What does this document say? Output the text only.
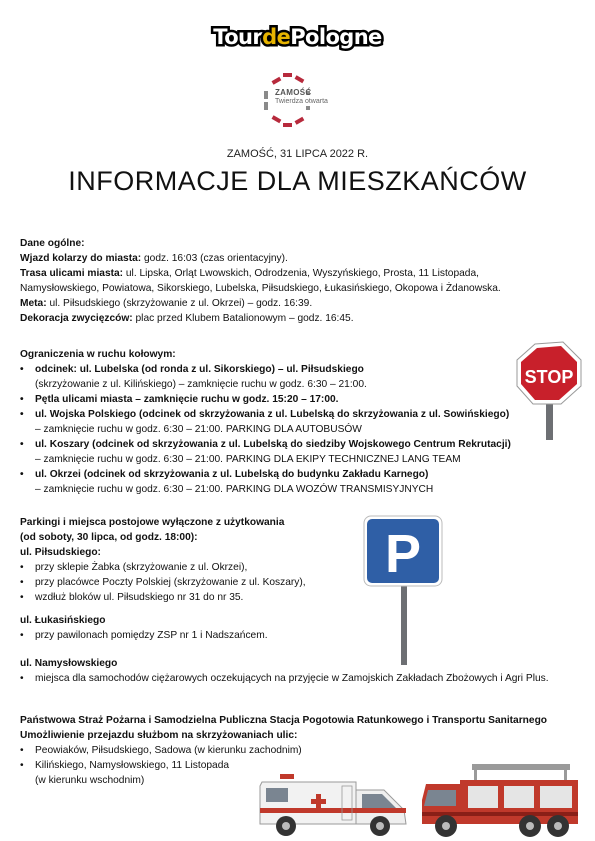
Tour de Pologne
ZAMOŚĆ
Twierdza otwarta
ZAMOŚĆ, 31 LIPCA 2022 R.
INFORMACJE DLA MIESZKAŃCÓW
Dane ogólne:
Wjazd kolarzy do miasta: godz. 16:03 (czas orientacyjny).
Trasa ulicami miasta: ul. Lipska, Orląt Lwowskich, Odrodzenia, Wyszyńskiego, Prosta, 11 Listopada,
Namysłowskiego, Powiatowa, Sikorskiego, Lubelska, Piłsudskiego, Łukasińskiego, Okopowa i Żdanowska.
Meta: ul. Piłsudskiego (skrzyżowanie z ul. Okrzei) – godz. 16:39.
Dekoracja zwycięzców: plac przed Klubem Batalionowym – godz. 16:45.
Ograniczenia w ruchu kołowym:
• odcinek: ul. Lubelska (od ronda z ul. Sikorskiego) – ul. Piłsudskiego
(skrzyżowanie z ul. Kilińskiego) – zamknięcie ruchu w godz. 6:30 – 21:00.
• Pętla ulicami miasta – zamknięcie ruchu w godz. 15:20 – 17:00.
• ul. Wojska Polskiego (odcinek od skrzyżowania z ul. Lubelską do skrzyżowania z ul. Sowińskiego)
– zamknięcie ruchu w godz. 6:30 – 21:00. PARKING DLA AUTOBUSÓW
• ul. Koszary (odcinek od skrzyżowania z ul. Lubelską do siedziby Wojskowego Centrum Rekrutacji)
– zamknięcie ruchu w godz. 6:30 – 21:00. PARKING DLA EKIPY TECHNICZNEJ LANG TEAM
• ul. Okrzei (odcinek od skrzyżowania z ul. Lubelską do budynku Zakładu Karnego)
– zamknięcie ruchu w godz. 6:30 – 21:00. PARKING DLA WOZÓW TRANSMISYJNYCH
STOP
Parkingi i miejsca postojowe wyłączone z użytkowania
(od soboty, 30 lipca, od godz. 18:00):
ul. Piłsudskiego:
• przy sklepie Żabka (skrzyżowanie z ul. Okrzei),
• przy placówce Poczty Polskiej (skrzyżowanie z ul. Koszary),
• wzdłuż bloków ul. Piłsudskiego nr 31 do nr 35.
ul. Łukasińskiego
• przy pawilonach pomiędzy ZSP nr 1 i Nadszańcem.
ul. Namysłowskiego
• miejsca dla samochodów ciężarowych oczekujących na przyjęcie w Zamojskich Zakładach Zbożowych i Agri Plus.
P
Państwowa Straż Pożarna i Samodzielna Publiczna Stacja Pogotowia Ratunkowego i Transportu Sanitarnego
Umożliwienie przejazdu służbom na skrzyżowaniach ulic:
• Peowiaków, Piłsudskiego, Sadowa (w kierunku zachodnim)
• Kilińskiego, Namysłowskiego, 11 Listopada
(w kierunku wschodnim)
